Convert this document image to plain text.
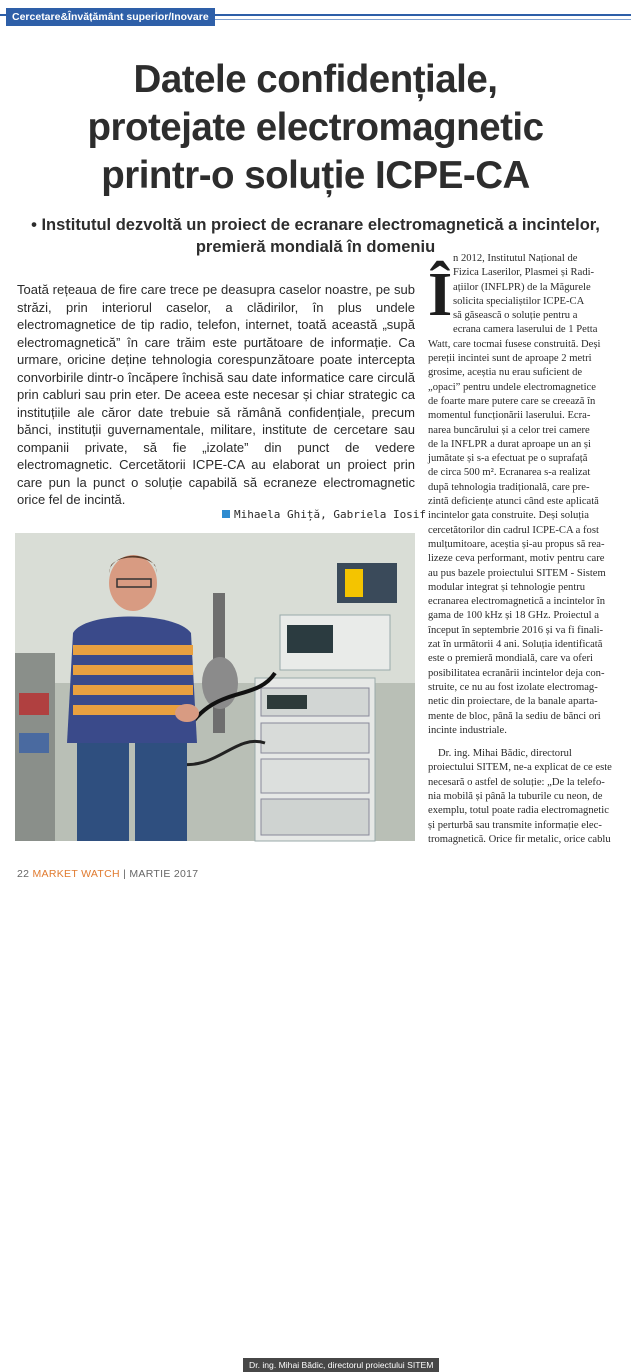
Cercetare&Învățământ superior/Inovare
Datele confidențiale,
protejate electromagnetic
printr-o soluție ICPE-CA
• Institutul dezvoltă un proiect de ecranare electromagnetică a incintelor,
premieră mondială în domeniu

Toată rețeaua de fire care trece pe deasupra caselor noastre, pe sub străzi, prin interiorul caselor, a clădirilor, în plus undele electromagnetice de tip radio, telefon, internet, toată această „supă electromagnetică” în care trăim este purtătoare de informație. Ca urmare, oricine deține tehnologia corespunzătoare poate intercepta convorbirile dintr-o încăpere închisă sau date informatice care circulă prin cabluri sau prin eter. De aceea este necesar și chiar strategic ca instituțiile ale căror date trebuie să rămână confidențiale, precum bănci, instituții guvernamentale, militare, institute de cercetare sau companii private, să fie „izolate” din punct de vedere electromagnetic. Cercetătorii ICPE-CA au elaborat un proiect prin care pun la punct o soluție capabilă să ecraneze electromagnetic orice fel de incintă.

Mihaela Ghiță, Gabriela Iosif
Dr. ing. Mihai Bădic, directorul proiectului SITEM
Î
n 2012, Institutul Național de
Fizica Laserilor, Plasmei și Radi-
ațiilor (INFLPR) de la Măgurele
solicita specialiștilor ICPE-CA
să găsească o soluție pentru a
ecrana camera laserului de 1 Petta
Watt, care tocmai fusese construită. Deși
pereții incintei sunt de aproape 2 metri
grosime, aceștia nu erau suficient de
„opaci” pentru undele electromagnetice
de foarte mare putere care se creează în
momentul funcționării laserului. Ecra-
narea buncărului și a celor trei camere
de la INFLPR a durat aproape un an și
jumătate și s-a efectuat pe o suprafață
de circa 500 m². Ecranarea s-a realizat
după tehnologia tradițională, care pre-
zintă deficiențe atunci când este aplicată
incintelor gata construite. Deși soluția
cercetătorilor din cadrul ICPE-CA a fost
mulțumitoare, aceștia și-au propus să rea-
lizeze ceva performant, motiv pentru care
au pus bazele proiectului SITEM - Sistem
modular integrat și tehnologie pentru
ecranarea electromagnetică a incintelor în
gama de 100 kHz și 18 GHz. Proiectul a
început în septembrie 2016 și va fi finali-
zat în următorii 4 ani. Soluția identificată
este o premieră mondială, care va oferi
posibilitatea ecranării incintelor deja con-
struite, ce nu au fost izolate electromag-
netic din proiectare, de la banale aparta-
mente de bloc, până la sediu de bănci ori
incinte industriale.
Dr. ing. Mihai Bădic, directorul
proiectului SITEM, ne-a explicat de ce este
necesară o astfel de soluție: „De la telefo-
nia mobilă și până la tuburile cu neon, de
exemplu, totul poate radia electromagnetic
și perturbă sau transmite informație elec-
tromagnetică. Orice fir metalic, orice cablu
22 MARKET WATCH | MARTIE 2017
